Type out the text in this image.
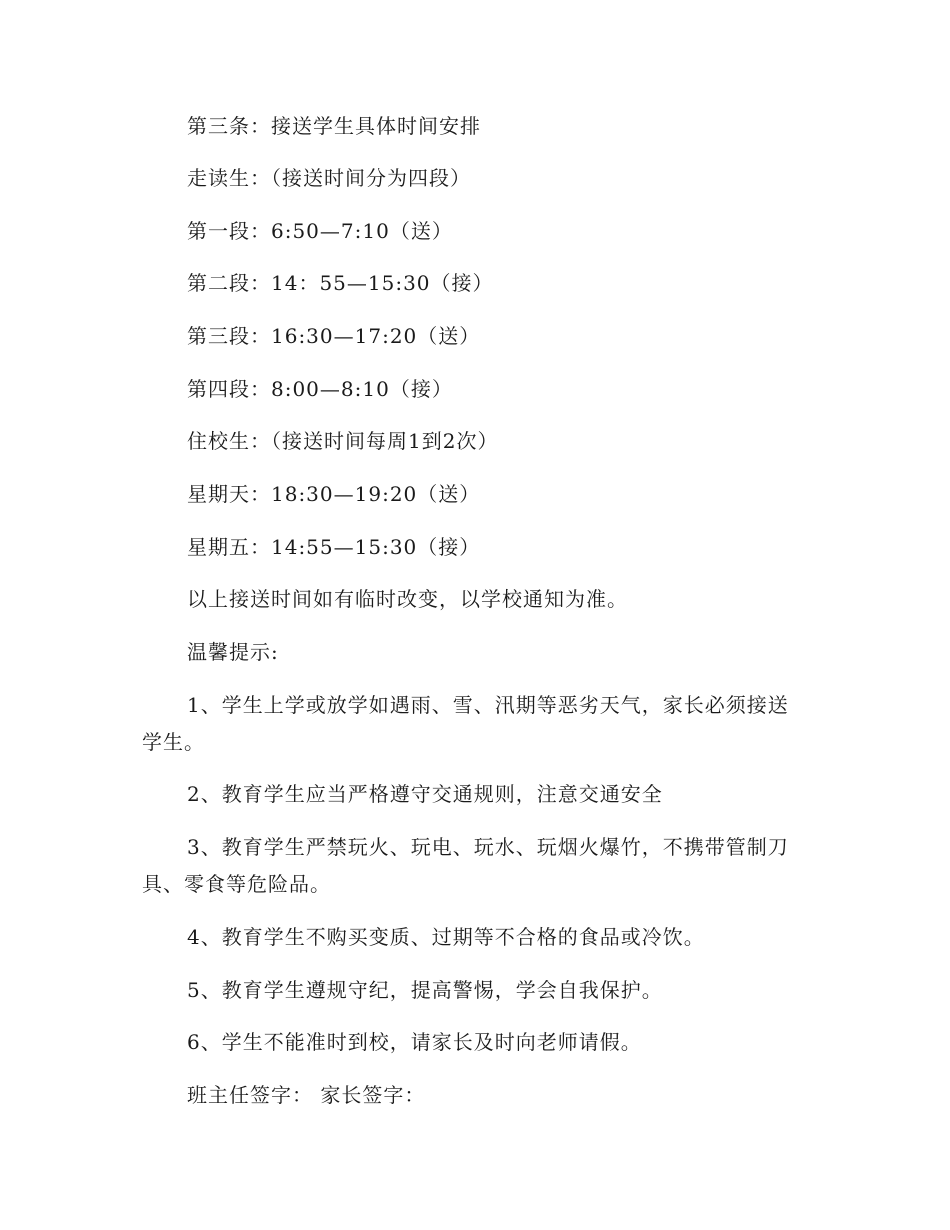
第三条：接送学生具体时间安排
走读生：（接送时间分为四段）
第一段：6:50—7:10（送）
第二段：14：55—15:30（接）
第三段：16:30—17:20（送）
第四段：8:00—8:10（接）
住校生：（接送时间每周1到2次）
星期天：18:30—19:20（送）
星期五：14:55—15:30（接）
以上接送时间如有临时改变，以学校通知为准。
温馨提示:
1、学生上学或放学如遇雨、雪、汛期等恶劣天气，家长必须接送学生。
2、教育学生应当严格遵守交通规则，注意交通安全
3、教育学生严禁玩火、玩电、玩水、玩烟火爆竹，不携带管制刀具、零食等危险品。
4、教育学生不购买变质、过期等不合格的食品或冷饮。
5、教育学生遵规守纪，提高警惕，学会自我保护。
6、学生不能准时到校，请家长及时向老师请假。
班主任签字： 家长签字：
